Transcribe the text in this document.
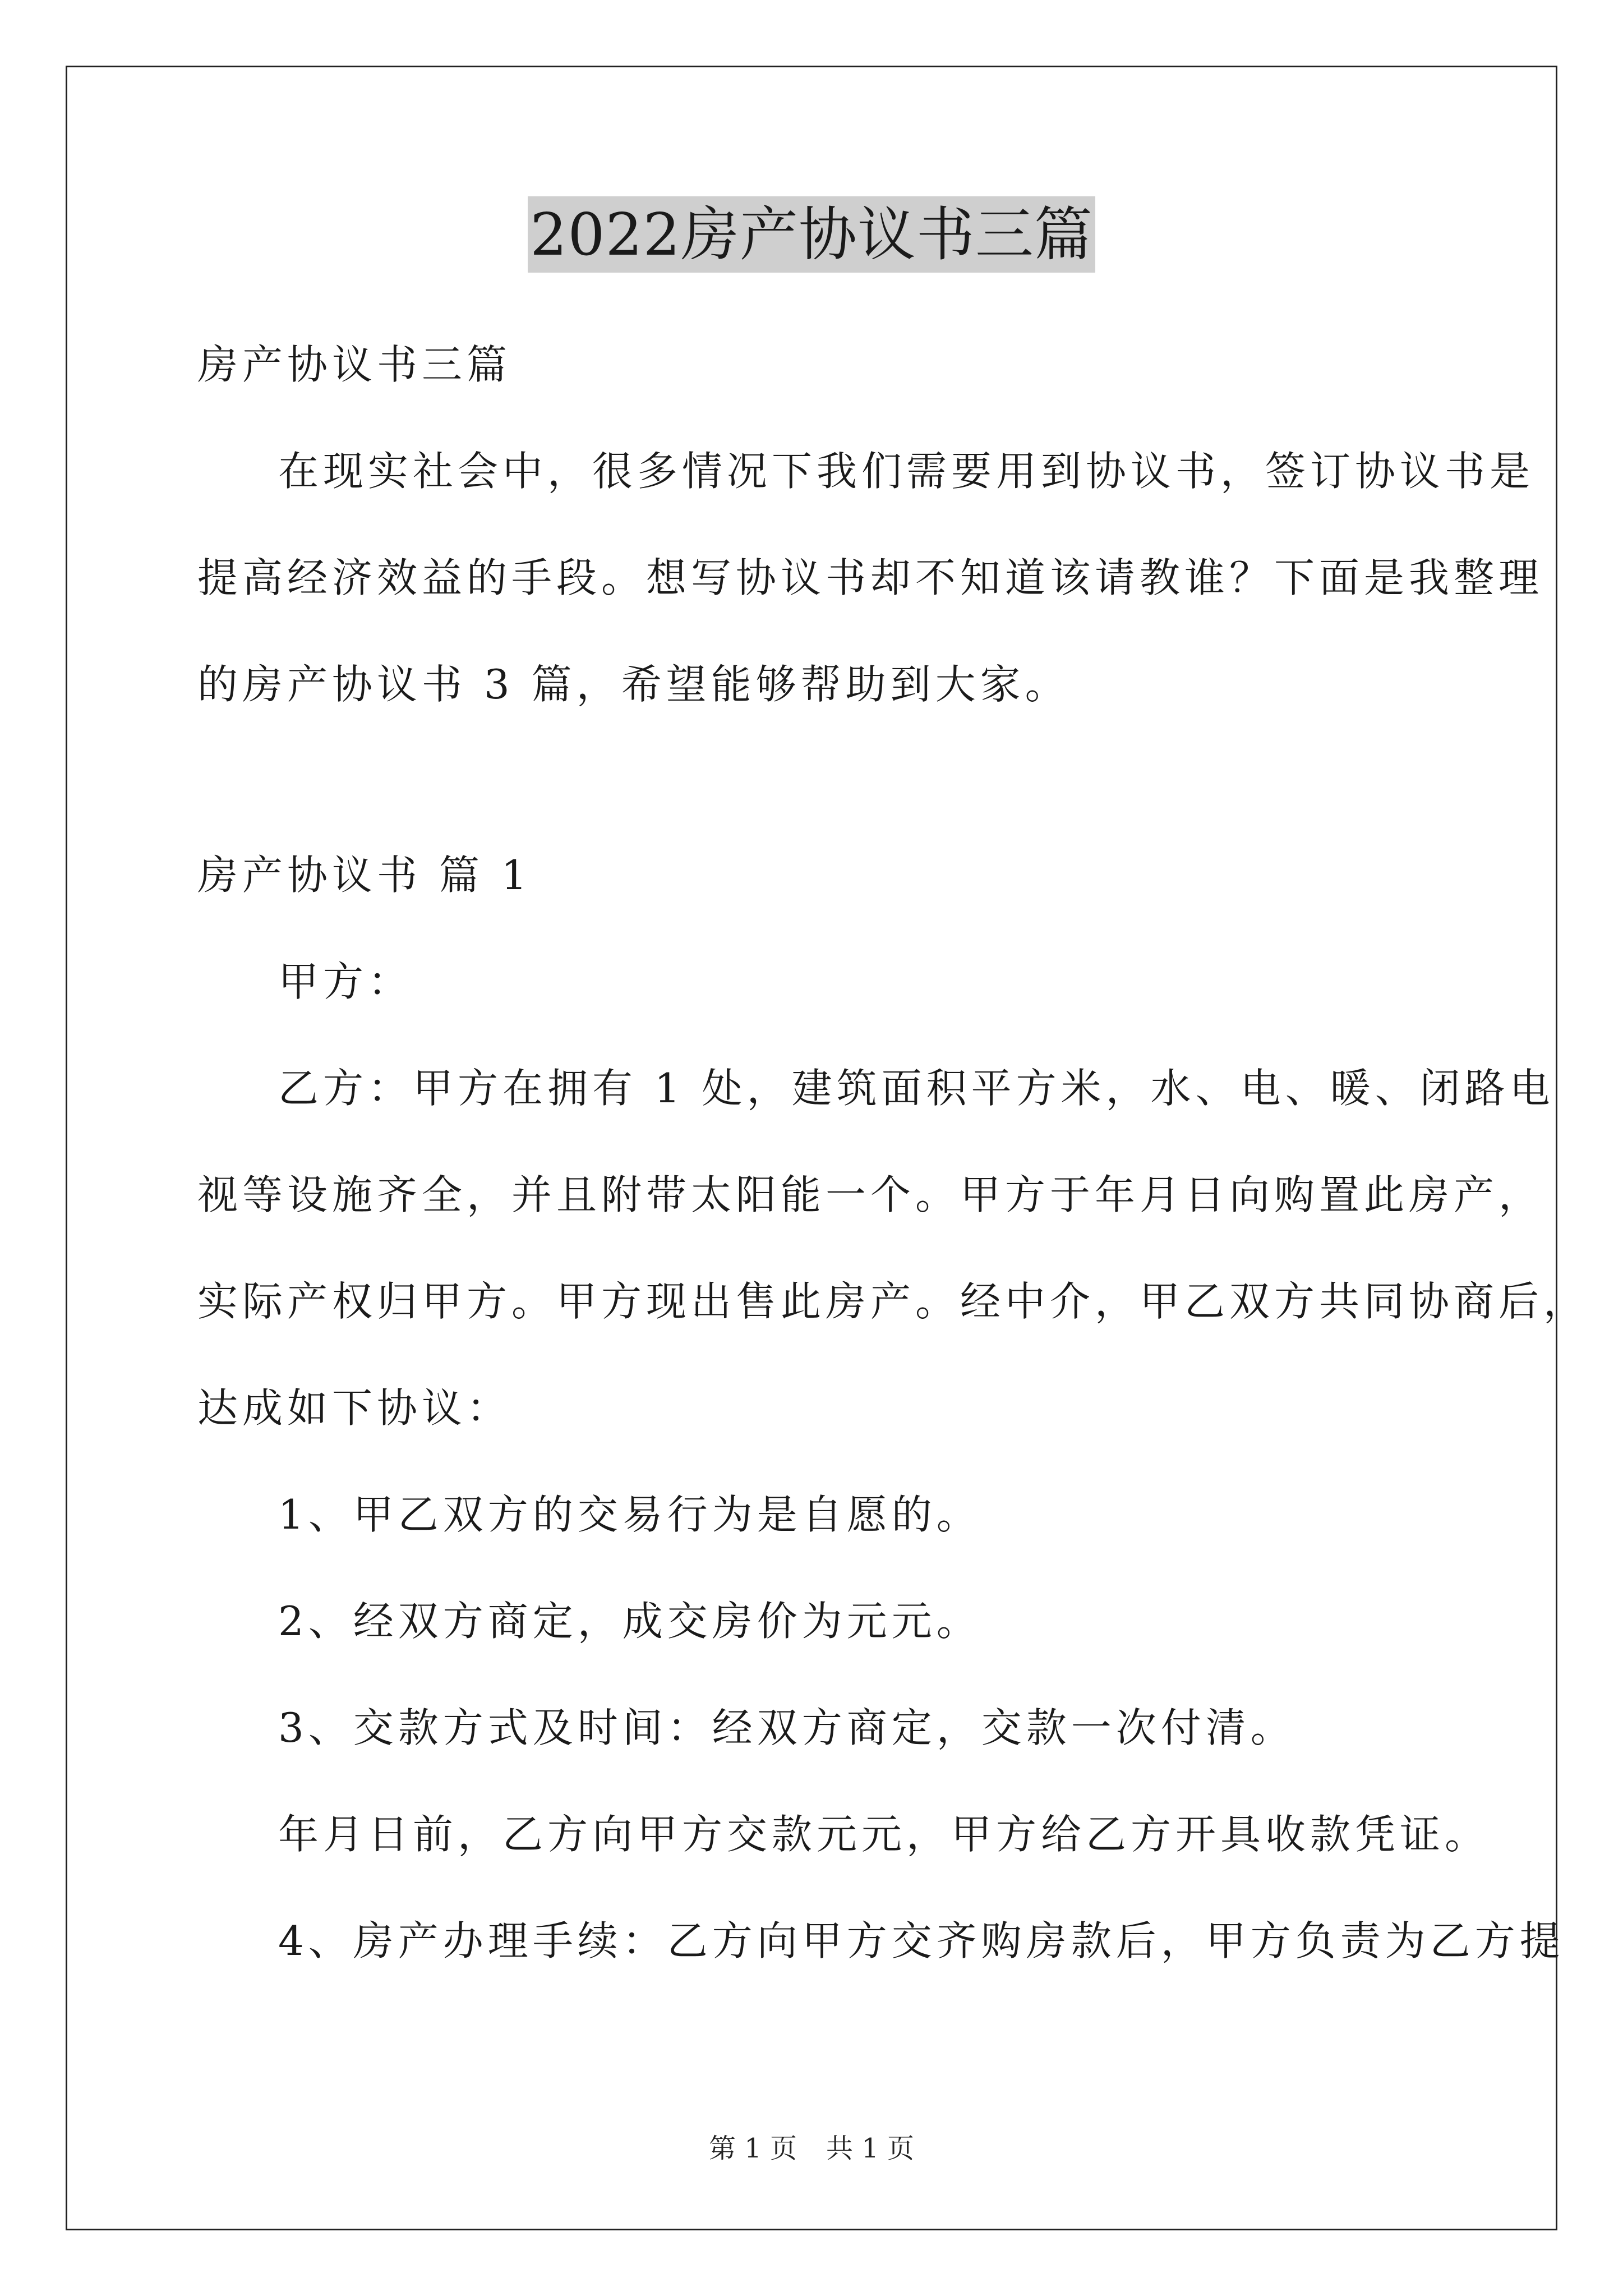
2022房产协议书三篇

房产协议书三篇

在现实社会中，很多情况下我们需要用到协议书，签订协议书是

提高经济效益的手段。想写协议书却不知道该请教谁？下面是我整理

的房产协议书 3 篇，希望能够帮助到大家。

房产协议书 篇 1

甲方：

乙方：甲方在拥有 1 处，建筑面积平方米，水、电、暖、闭路电

视等设施齐全，并且附带太阳能一个。甲方于年月日向购置此房产，

实际产权归甲方。甲方现出售此房产。经中介，甲乙双方共同协商后，

达成如下协议：

1、甲乙双方的交易行为是自愿的。

2、经双方商定，成交房价为元元。

3、交款方式及时间：经双方商定，交款一次付清。

年月日前，乙方向甲方交款元元，甲方给乙方开具收款凭证。

4、房产办理手续：乙方向甲方交齐购房款后，甲方负责为乙方提

第 1 页 共 1 页
